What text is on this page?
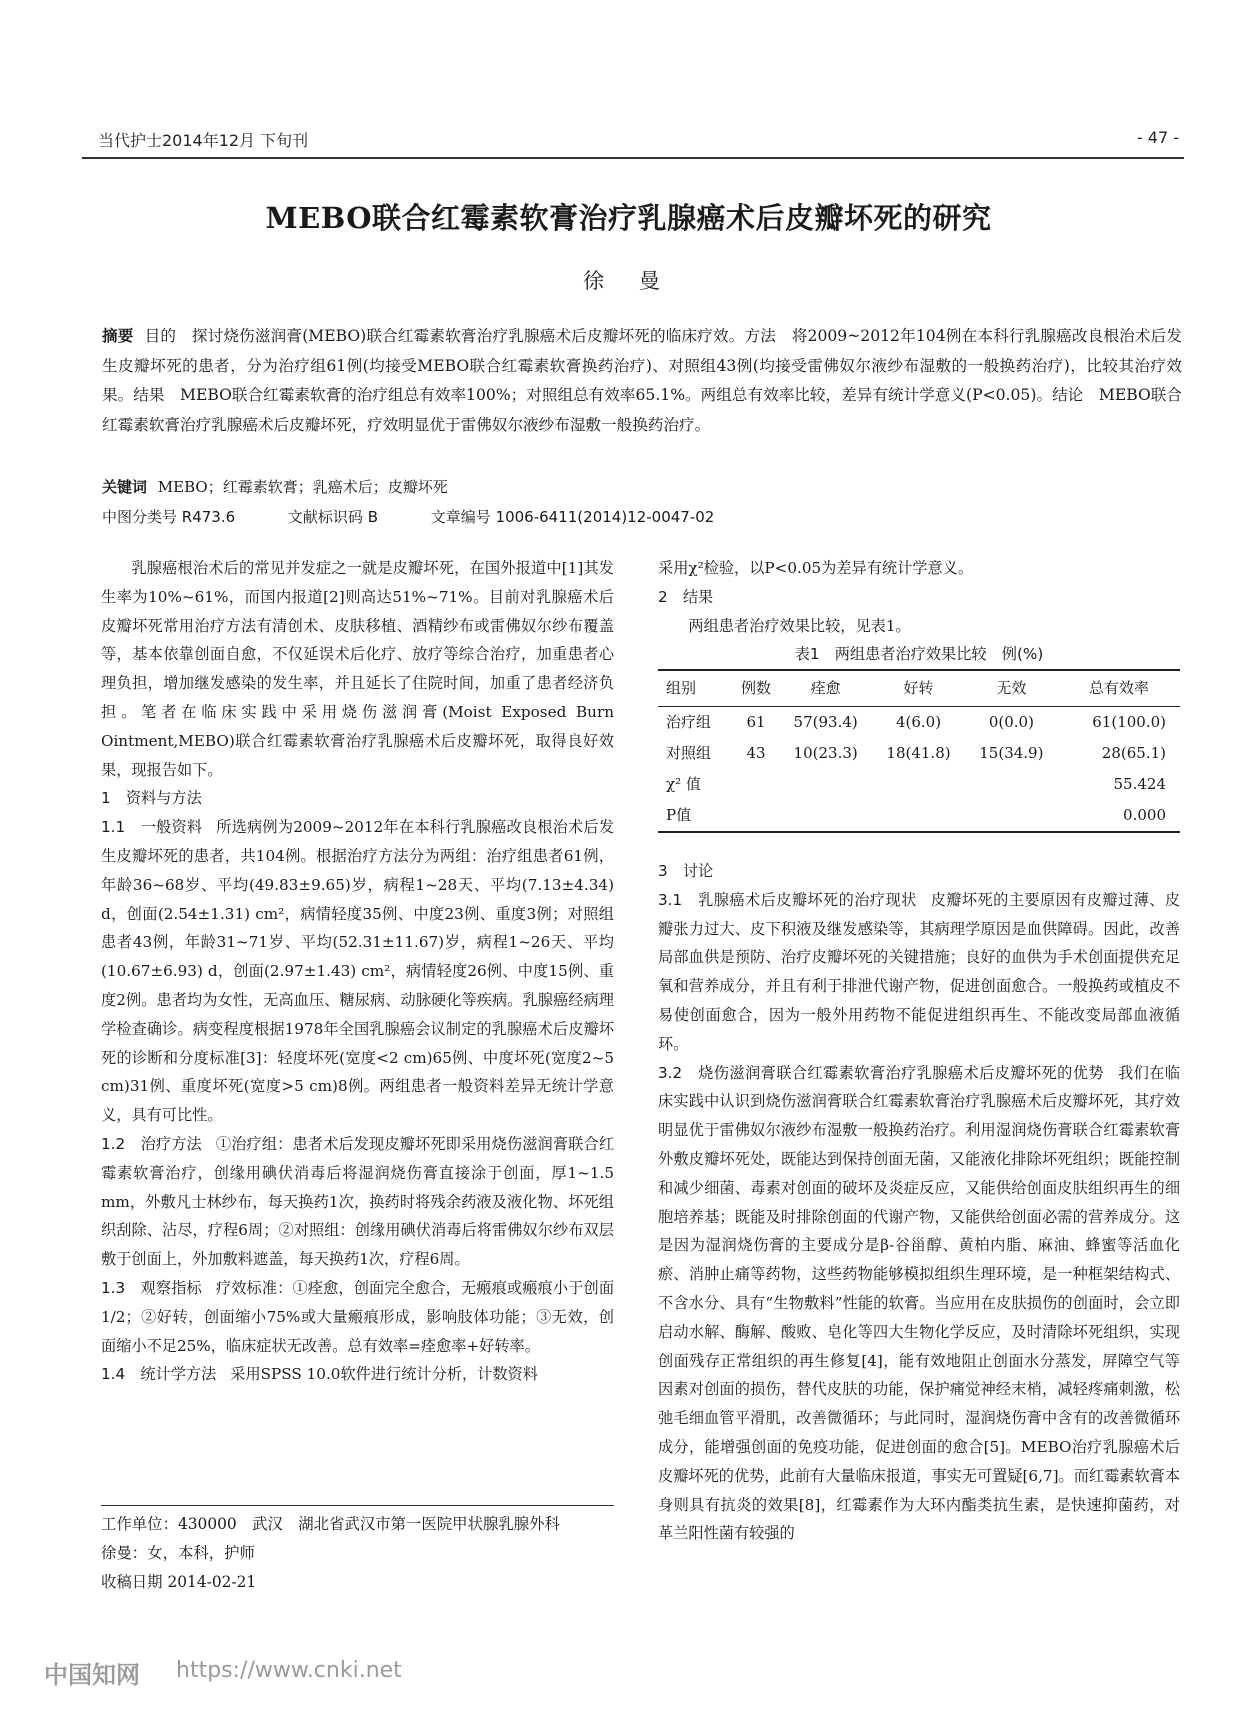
当代护士2014年12月 下旬刊	- 47 -
MEBO联合红霉素软膏治疗乳腺癌术后皮瓣坏死的研究
徐 曼
摘要 目的　探讨烧伤滋润膏(MEBO)联合红霉素软膏治疗乳腺癌术后皮瓣坏死的临床疗效。方法　将2009~2012年104例在本科行乳腺癌改良根治术后发生皮瓣坏死的患者，分为治疗组61例(均接受MEBO联合红霉素软膏换药治疗)、对照组43例(均接受雷佛奴尔液纱布湿敷的一般换药治疗)，比较其治疗效果。结果　MEBO联合红霉素软膏的治疗组总有效率100%；对照组总有效率65.1%。两组总有效率比较，差异有统计学意义(P<0.05)。结论　MEBO联合红霉素软膏治疗乳腺癌术后皮瓣坏死，疗效明显优于雷佛奴尔液纱布湿敷一般换药治疗。
关键词 MEBO；红霉素软膏；乳癌术后；皮瓣坏死
中图分类号 R473.6	文献标识码 B	文章编号 1006-6411(2014)12-0047-02

乳腺癌根治术后的常见并发症之一就是皮瓣坏死，在国外报道中[1]其发生率为10%~61%，而国内报道[2]则高达51%~71%。目前对乳腺癌术后皮瓣坏死常用治疗方法有清创术、皮肤移植、酒精纱布或雷佛奴尔纱布覆盖等，基本依靠创面自愈，不仅延误术后化疗、放疗等综合治疗，加重患者心理负担，增加继发感染的发生率，并且延长了住院时间，加重了患者经济负担。笔者在临床实践中采用烧伤滋润膏(Moist Exposed Burn Ointment,MEBO)联合红霉素软膏治疗乳腺癌术后皮瓣坏死，取得良好效果，现报告如下。

1　资料与方法

1.1　一般资料 所选病例为2009~2012年在本科行乳腺癌改良根治术后发生皮瓣坏死的患者，共104例。根据治疗方法分为两组：治疗组患者61例，年龄36~68岁、平均(49.83±9.65)岁，病程1~28天、平均(7.13±4.34) d，创面(2.54±1.31) cm²，病情轻度35例、中度23例、重度3例；对照组患者43例，年龄31~71岁、平均(52.31±11.67)岁，病程1~26天、平均(10.67±6.93) d，创面(2.97±1.43) cm²，病情轻度26例、中度15例、重度2例。患者均为女性，无高血压、糖尿病、动脉硬化等疾病。乳腺癌经病理学检查确诊。病变程度根据1978年全国乳腺癌会议制定的乳腺癌术后皮瓣坏死的诊断和分度标准[3]：轻度坏死(宽度<2 cm)65例、中度坏死(宽度2~5 cm)31例、重度坏死(宽度>5 cm)8例。两组患者一般资料差异无统计学意义，具有可比性。

1.2　治疗方法 ①治疗组：患者术后发现皮瓣坏死即采用烧伤滋润膏联合红霉素软膏治疗，创缘用碘伏消毒后将湿润烧伤膏直接涂于创面，厚1~1.5 mm，外敷凡士林纱布，每天换药1次，换药时将残余药液及液化物、坏死组织刮除、沾尽，疗程6周；②对照组：创缘用碘伏消毒后将雷佛奴尔纱布双层敷于创面上，外加敷料遮盖，每天换药1次，疗程6周。

1.3　观察指标 疗效标准：①痊愈，创面完全愈合，无瘢痕或瘢痕小于创面1/2；②好转，创面缩小75%或大量瘢痕形成，影响肢体功能；③无效，创面缩小不足25%，临床症状无改善。总有效率=痊愈率+好转率。

1.4　统计学方法 采用SPSS 10.0软件进行统计分析，计数资料

工作单位：430000　武汉　湖北省武汉市第一医院甲状腺乳腺外科

徐曼：女，本科，护师

收稿日期 2014-02-21

采用χ²检验，以P<0.05为差异有统计学意义。

2　结果

两组患者治疗效果比较，见表1。

表1　两组患者治疗效果比较　例(%)

组别	例数	痊愈	好转	无效	总有效率
治疗组	61	57(93.4)	4(6.0)	0(0.0)	61(100.0)
对照组	43	10(23.3)	18(41.8)	15(34.9)	28(65.1)
χ² 值					55.424
P值					0.000

3　讨论

3.1　乳腺癌术后皮瓣坏死的治疗现状 皮瓣坏死的主要原因有皮瓣过薄、皮瓣张力过大、皮下积液及继发感染等，其病理学原因是血供障碍。因此，改善局部血供是预防、治疗皮瓣坏死的关键措施；良好的血供为手术创面提供充足氧和营养成分，并且有利于排泄代谢产物，促进创面愈合。一般换药或植皮不易使创面愈合，因为一般外用药物不能促进组织再生、不能改变局部血液循环。

3.2　烧伤滋润膏联合红霉素软膏治疗乳腺癌术后皮瓣坏死的优势 我们在临床实践中认识到烧伤滋润膏联合红霉素软膏治疗乳腺癌术后皮瓣坏死，其疗效明显优于雷佛奴尔液纱布湿敷一般换药治疗。利用湿润烧伤膏联合红霉素软膏外敷皮瓣坏死处，既能达到保持创面无菌，又能液化排除坏死组织；既能控制和减少细菌、毒素对创面的破坏及炎症反应，又能供给创面皮肤组织再生的细胞培养基；既能及时排除创面的代谢产物，又能供给创面必需的营养成分。这是因为湿润烧伤膏的主要成分是β-谷甾醇、黄柏内脂、麻油、蜂蜜等活血化瘀、消肿止痛等药物，这些药物能够模拟组织生理环境，是一种框架结构式、不含水分、具有“生物敷料”性能的软膏。当应用在皮肤损伤的创面时，会立即启动水解、酶解、酸败、皂化等四大生物化学反应，及时清除坏死组织，实现创面残存正常组织的再生修复[4]，能有效地阻止创面水分蒸发，屏障空气等因素对创面的损伤，替代皮肤的功能，保护痛觉神经末梢，减轻疼痛刺激，松弛毛细血管平滑肌，改善微循环；与此同时，湿润烧伤膏中含有的改善微循环成分，能增强创面的免疫功能，促进创面的愈合[5]。MEBO治疗乳腺癌术后皮瓣坏死的优势，此前有大量临床报道，事实无可置疑[6,7]。而红霉素软膏本身则具有抗炎的效果[8]，红霉素作为大环内酯类抗生素，是快速抑菌药，对革兰阳性菌有较强的

中国知网 https://www.cnki.net
